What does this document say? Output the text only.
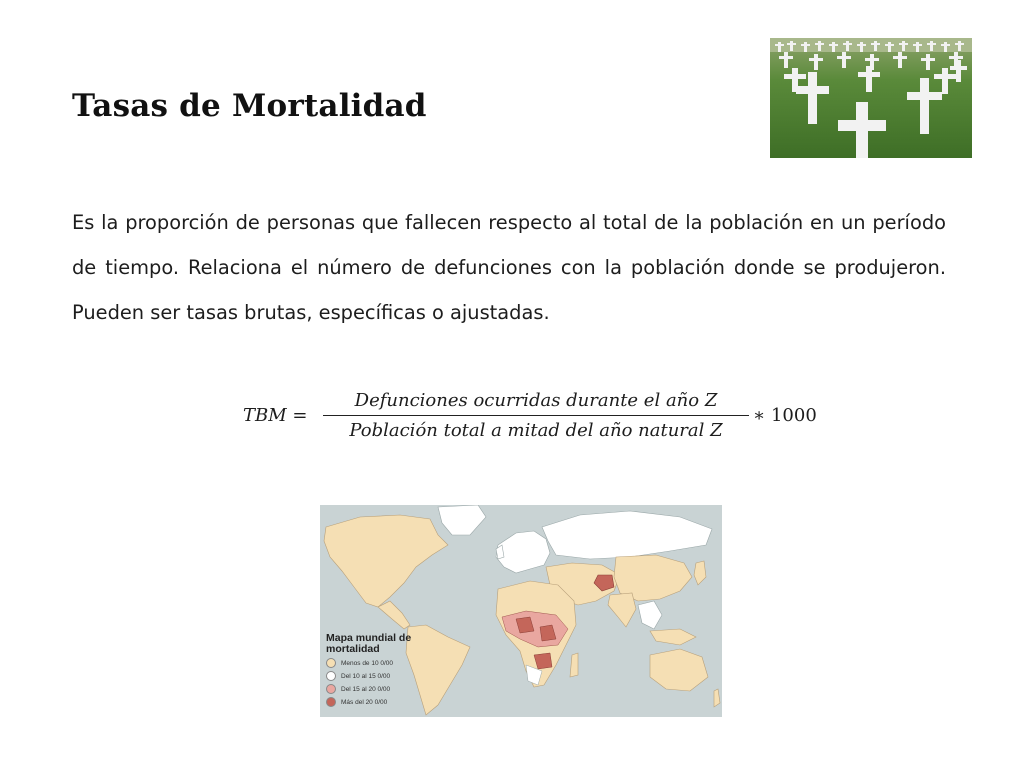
Tasas de Mortalidad

Es la proporción de personas que fallecen respecto al total de la población en un período de tiempo. Relaciona el número de defunciones con la población donde se produjeron. Pueden ser tasas brutas, específicas o ajustadas.

TBM =
Defunciones ocurridas durante el año Z
Población total a mitad del año natural Z
∗ 1000
Mapa mundial de mortalidad
Menos de 10 0/00
Del 10 al 15 0/00
Del 15 al 20 0/00
Más del 20 0/00
